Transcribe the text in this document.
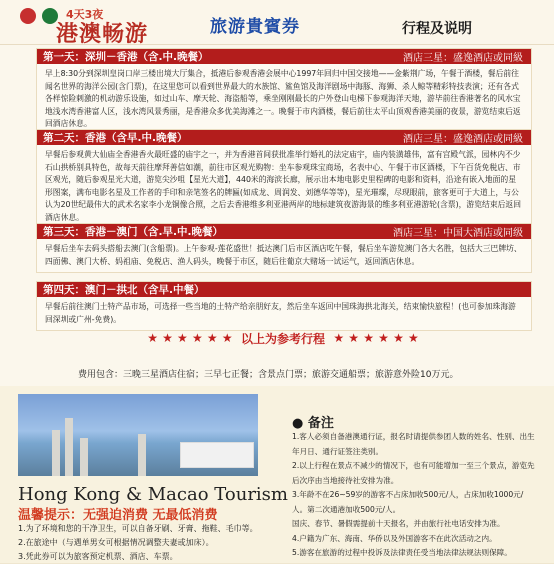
4天3夜
港澳畅游	旅游貴賓券	行程及说明
第一天：深圳－香港（含.中.晚餐）	酒店三星：盛逸酒店或同級
早上8:30分到深圳皇岗口岸三楼出境大厅集合，抵港后参观香港会展中心1997年回归中国交接地——金紫荆广场，午餐于酒楼，餐后前往闻名世界的海洋公园(含门票)，在这里您可以看到世界最大的水族馆、鲨鱼馆及海洋剧场中海豚、海狮、杀人鲸等精彩特技表演；还有各式各样惊险刺激的机动游乐设施，如过山车、摩天轮、海盗船等，乘坐刚刚最长的户外登山电梯下参观海洋天地，游毕前往香港著名的风水宝地浅水湾香港富人区，浅水湾风景秀丽，是香港众多优美海滩之一。晚餐于市内酒楼，餐后前往太平山顶观香港美丽的夜景，游览结束后返回酒店休息。
第二天：香港（含早.中.晚餐）	酒店三星：盛逸酒店或同級
早餐后参观黄大仙庙全香港香火最旺盛的庙宇之一，并为香港首间获批准举行婚礼的法定庙宇，庙内装潢雄伟，富有宫殿气派，园林内不少石山拱桥别具特色，故每天前往摩拜善信如潮，前往市区观光购物：坐车参观珠宝商场，名表中心、午餐于市区酒楼，下午百货免税店、市区观光，随后参观星光大道，游览尖沙咀【星光大道】，440米的海滨长廊，展示出本地电影史里程碑的电影和资料，沿途有嵌入地面的星形图案，满布电影名星及工作者的手印和亲笔签名的牌匾(如成龙、周润发、刘德华等等)，星光璀璨，尽现眼前，旅客更可于大道上，与公认为20世纪最伟大的武术名家李小龙铜像合照，之后去香港维多利亚港两岸的地标建筑夜游海景的维多利亚港游轮(含票)，游览结束后返回酒店休息。
第三天：香港－澳门（含.早.中.晚餐）	酒店三星：中国大酒店或同级
早餐后坐车去码头搭船去澳门(含船票)。上午参观-莲花盛世！抵达澳门后市区酒店吃午餐，餐后坐车游览澳门各大名胜，包括大三巴牌坊、四面佛、澳门大桥、妈祖庙、免税店、渔人码头，晚餐于市区，随后往葡京大赌场一试运气，返回酒店休息。
第四天：澳门－拱北（含早.中餐）
早餐后前往澳门土特产品市场，可选择一些当地的土特产给亲朋好友，然后坐车返回中国珠海拱北海关，结束愉快旅程！(也可参加珠海游回深圳或广州-免费)。
★ ★ ★ ★ ★ ★ 以上为参考行程 ★ ★ ★ ★ ★ ★
费用包含：三晚三星酒店住宿；三早七正餐；含景点门票；旅游交通船票；旅游意外险10万元。
Hong Kong & Macao Tourism
温馨提示：无强迫消费 无最低消费
1.为了环境和您的干净卫生，可以自备牙刷、牙膏、拖鞋、毛巾等。
2.在旅途中（与遇单男女可根据情况调整夫妻或加床）。
3.凭此券可以为旅客预定机票、酒店、车票。
● 备注
1.客人必须自备港澳通行证，报名时请提供参团人数的姓名、性别、出生年月日、通行证签注类别。
2.以上行程在景点不减少的情况下，也有可能增加一至三个景点，游览先后次序由当地接待社安排为准。
3.年龄不在26~59岁的游客不占床加收500元/人，占床加收1000元/人。第二次通港加收500元/人。
国庆、春节、暑假需提前十天报名，并由旅行社电话安排为准。
4.户籍为广东、海南、华侨以及外国游客不在此次活动之内。
5.游客在旅游的过程中投诉及法律责任受当地法律法规法则保障。
